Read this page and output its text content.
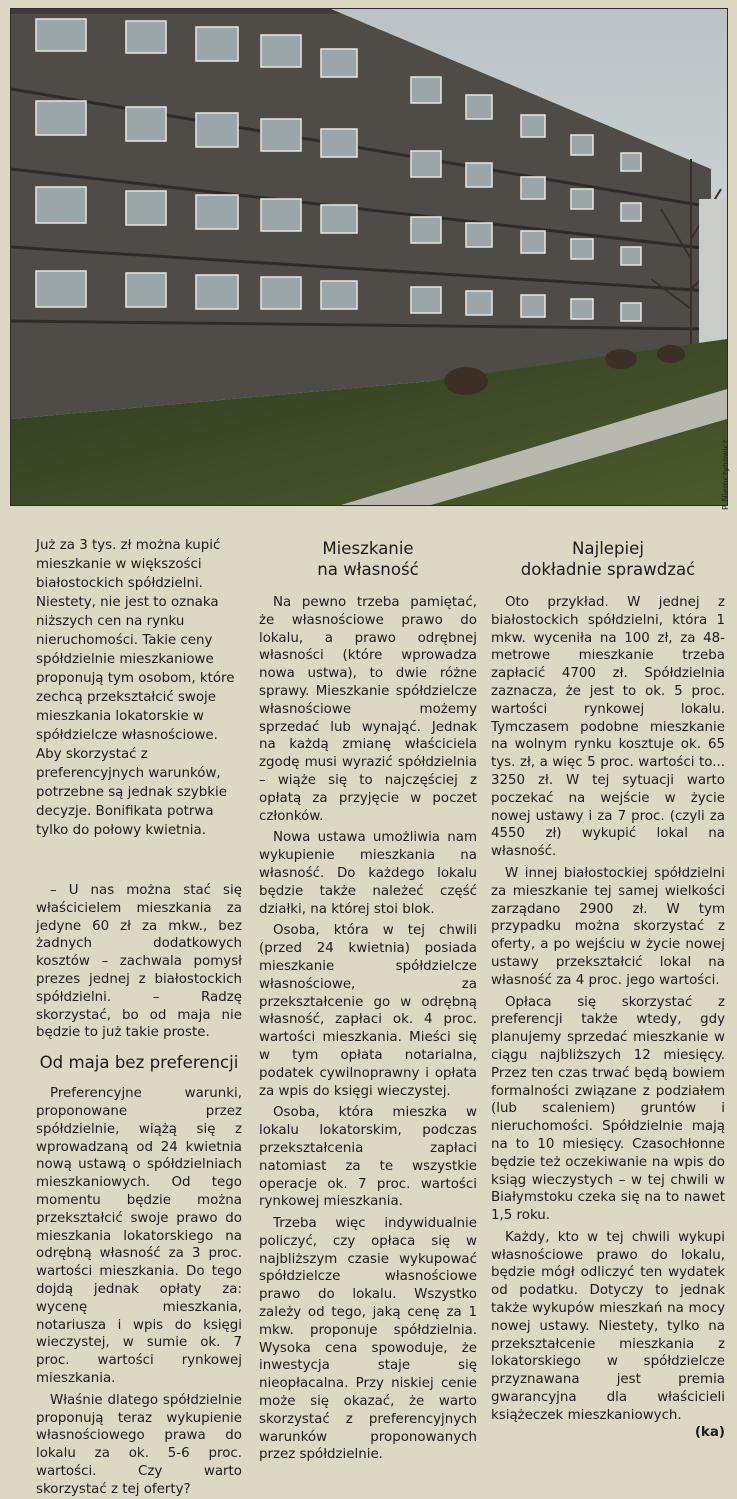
P. Niemczynowicz
Już za 3 tys. zł można kupić mieszkanie w większości białostockich spółdzielni. Niestety, nie jest to oznaka niższych cen na rynku nieruchomości. Takie ceny spółdzielnie mieszkaniowe proponują tym osobom, które zechcą przekształcić swoje mieszkania lokatorskie w spółdzielcze własnościowe. Aby skorzystać z preferencyjnych warunków, potrzebne są jednak szybkie decyzje. Bonifikata potrwa tylko do połowy kwietnia.

– U nas można stać się właścicielem mieszkania za jedyne 60 zł za mkw., bez żadnych dodatkowych kosztów – zachwala pomysł prezes jednej z białostockich spółdzielni. – Radzę skorzystać, bo od maja nie będzie to już takie proste.

Od maja bez preferencji

Preferencyjne warunki, proponowane przez spółdzielnie, wiążą się z wprowadzaną od 24 kwietnia nową ustawą o spółdzielniach mieszkaniowych. Od tego momentu będzie można przekształcić swoje prawo do mieszkania lokatorskiego na odrębną własność za 3 proc. wartości mieszkania. Do tego dojdą jednak opłaty za: wycenę mieszkania, notariusza i wpis do księgi wieczystej, w sumie ok. 7 proc. wartości rynkowej mieszkania.

Właśnie dlatego spółdzielnie proponują teraz wykupienie własnościowego prawa do lokalu za ok. 5-6 proc. wartości. Czy warto skorzystać z tej oferty?

Mieszkanie
na własność

Na pewno trzeba pamiętać, że własnościowe prawo do lokalu, a prawo odrębnej własności (które wprowadza nowa ustwa), to dwie różne sprawy. Mieszkanie spółdzielcze własnościowe możemy sprzedać lub wynająć. Jednak na każdą zmianę właściciela zgodę musi wyrazić spółdzielnia – wiąże się to najczęściej z opłatą za przyjęcie w poczet członków.

Nowa ustawa umożliwia nam wykupienie mieszkania na własność. Do każdego lokalu będzie także należeć część działki, na której stoi blok.

Osoba, która w tej chwili (przed 24 kwietnia) posiada mieszkanie spółdzielcze własnościowe, za przekształcenie go w odrębną własność, zapłaci ok. 4 proc. wartości mieszkania. Mieści się w tym opłata notarialna, podatek cywilnoprawny i opłata za wpis do księgi wieczystej.

Osoba, która mieszka w lokalu lokatorskim, podczas przekształcenia zapłaci natomiast za te wszystkie operacje ok. 7 proc. wartości rynkowej mieszkania.

Trzeba więc indywidualnie policzyć, czy opłaca się w najbliższym czasie wykupować spółdzielcze własnościowe prawo do lokalu. Wszystko zależy od tego, jaką cenę za 1 mkw. proponuje spółdzielnia. Wysoka cena spowoduje, że inwestycja staje się nieopłacalna. Przy niskiej cenie może się okazać, że warto skorzystać z preferencyjnych warunków proponowanych przez spółdzielnie.

Najlepiej
dokładnie sprawdzać

Oto przykład. W jednej z białostockich spółdzielni, która 1 mkw. wyceniła na 100 zł, za 48-metrowe mieszkanie trzeba zapłacić 4700 zł. Spółdzielnia zaznacza, że jest to ok. 5 proc. wartości rynkowej lokalu. Tymczasem podobne mieszkanie na wolnym rynku kosztuje ok. 65 tys. zł, a więc 5 proc. wartości to... 3250 zł. W tej sytuacji warto poczekać na wejście w życie nowej ustawy i za 7 proc. (czyli za 4550 zł) wykupić lokal na własność.

W innej białostockiej spółdzielni za mieszkanie tej samej wielkości zarządano 2900 zł. W tym przypadku można skorzystać z oferty, a po wejściu w życie nowej ustawy przekształcić lokal na własność za 4 proc. jego wartości.

Opłaca się skorzystać z preferencji także wtedy, gdy planujemy sprzedać mieszkanie w ciągu najbliższych 12 miesięcy. Przez ten czas trwać będą bowiem formalności związane z podziałem (lub scaleniem) gruntów i nieruchomości. Spółdzielnie mają na to 10 miesięcy. Czasochłonne będzie też oczekiwanie na wpis do ksiąg wieczystych – w tej chwili w Białymstoku czeka się na to nawet 1,5 roku.

Każdy, kto w tej chwili wykupi własnościowe prawo do lokalu, będzie mógł odliczyć ten wydatek od podatku. Dotyczy to jednak także wykupów mieszkań na mocy nowej ustawy. Niestety, tylko na przekształcenie mieszkania z lokatorskiego w spółdzielcze przyznawana jest premia gwarancyjna dla właścicieli książeczek mieszkaniowych.

(ka)
